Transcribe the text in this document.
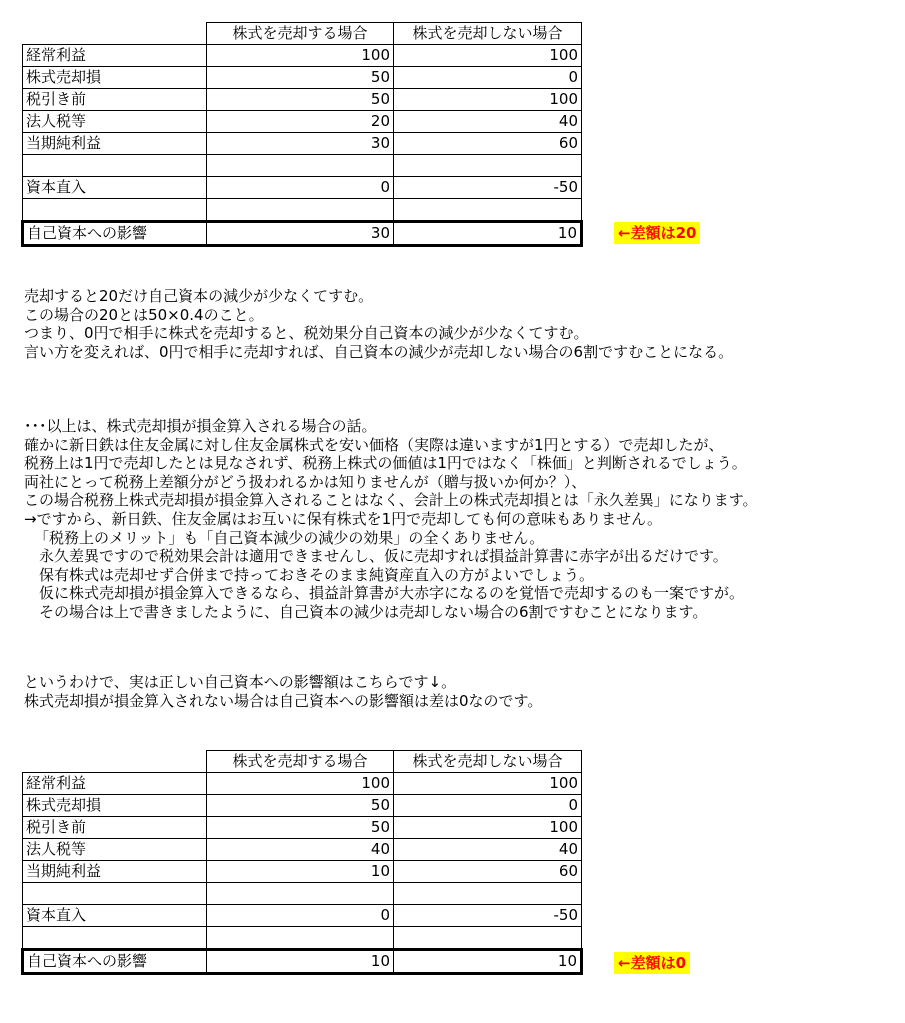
	株式を売却する場合	株式を売却しない場合
経常利益	100	100
株式売却損	50	0
税引き前	50	100
法人税等	20	40
当期純利益	30	60

資本直入	0	-50

自己資本への影響	30	10	←差額は20
売却すると20だけ自己資本の減少が少なくてすむ。
この場合の20とは50×0.4のこと。
つまり、0円で相手に株式を売却すると、税効果分自己資本の減少が少なくてすむ。
言い方を変えれば、0円で相手に売却すれば、自己資本の減少が売却しない場合の6割ですむことになる。
･･･以上は、株式売却損が損金算入される場合の話。
確かに新日鉄は住友金属に対し住友金属株式を安い価格（実際は違いますが1円とする）で売却したが、
税務上は1円で売却したとは見なされず、税務上株式の価値は1円ではなく「株価」と判断されるでしょう。
両社にとって税務上差額分がどう扱われるかは知りませんが（贈与扱いか何か？）、
この場合税務上株式売却損が損金算入されることはなく、会計上の株式売却損とは「永久差異」になります。
→ですから、新日鉄、住友金属はお互いに保有株式を1円で売却しても何の意味もありません。
「税務上のメリット」も「自己資本減少の減少の効果」の全くありません。
永久差異ですので税効果会計は適用できませんし、仮に売却すれば損益計算書に赤字が出るだけです。
保有株式は売却せず合併まで持っておきそのまま純資産直入の方がよいでしょう。
仮に株式売却損が損金算入できるなら、損益計算書が大赤字になるのを覚悟で売却するのも一案ですが。
その場合は上で書きましたように、自己資本の減少は売却しない場合の6割ですむことになります。
というわけで、実は正しい自己資本への影響額はこちらです↓。
株式売却損が損金算入されない場合は自己資本への影響額は差は0なのです。
	株式を売却する場合	株式を売却しない場合
経常利益	100	100
株式売却損	50	0
税引き前	50	100
法人税等	40	40
当期純利益	10	60

資本直入	0	-50

自己資本への影響	10	10	←差額は0
